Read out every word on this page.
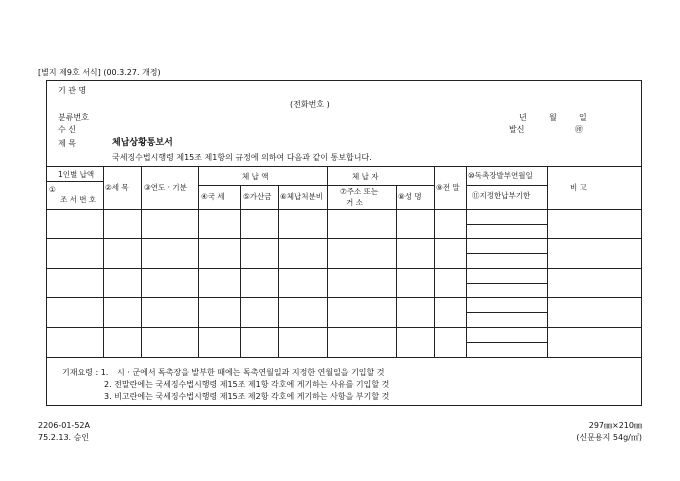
[별지 제9호 서식] (00.3.27. 개정)
기 관 명
(전화번호 )
분류번호	년	월	일
수 신	발신	㊞
제 목	체납상황통보서
국세징수법시행령 제15조 제1항의 규정에 의하여 다음과 같이 통보합니다.
1인별 납액
①
조 서 번 호
②세 목 ③연도 · 기분
체 납 액
④국 세 ⑤가산금 ⑥체납처분비
체 납 자
⑦주소 또는
거 소
⑧성 명
⑨전 말
⑩독촉장발부연월일
⑪지정한납부기한
비 고
기재요령 : 1. 시 · 군에서 독촉장을 발부한 때에는 독촉연월일과 지정한 연월일을 기입할 것
2. 전말란에는 국세징수법시행령 제15조 제1항 각호에 게기하는 사유를 기입할 것
3. 비고란에는 국세징수법시행령 제15조 제2항 각호에 게기하는 사항을 부기할 것
2206-01-52A
75.2.13. 승인
297㎜×210㎜
(신문용지 54g/㎡)
